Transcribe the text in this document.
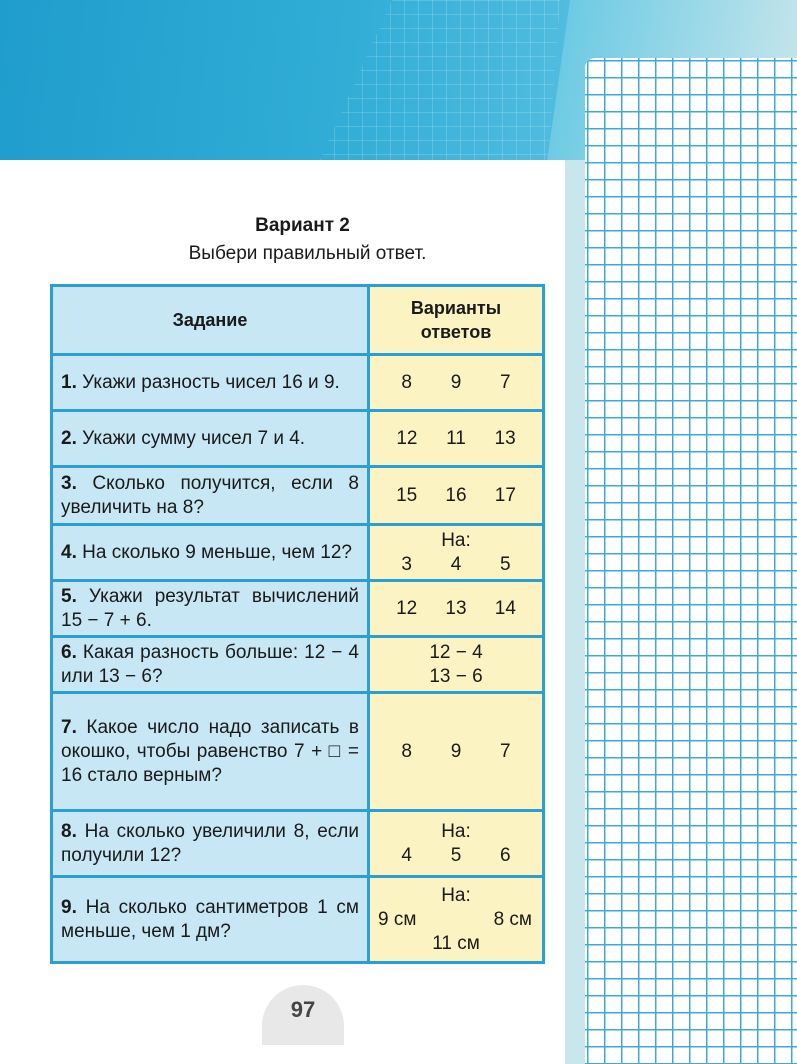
Вариант 2
Выбери правильный ответ.
Задание	Варианты
ответов

1. Укажи разность чисел 16 и 9.	8 9 7

2. Укажи сумму чисел 7 и 4.	12 11 13

3. Сколько получится, если 8 увеличить на 8?	15 16 17

4. На сколько 9 меньше, чем 12?	На:
3 4 5

5. Укажи результат вычислений 15 − 7 + 6.	12 13 14

6. Какая разность больше: 12 − 4 или 13 − 6?	12 − 4
13 − 6

7. Какое число надо записать в окошко, чтобы равенство 7 + □ = 16 стало верным?	8 9 7

8. На сколько увеличили 8, если получили 12?	На:
4 5 6

9. На сколько сантиметров 1 см меньше, чем 1 дм?	На:
9 см 8 см
11 см
97
